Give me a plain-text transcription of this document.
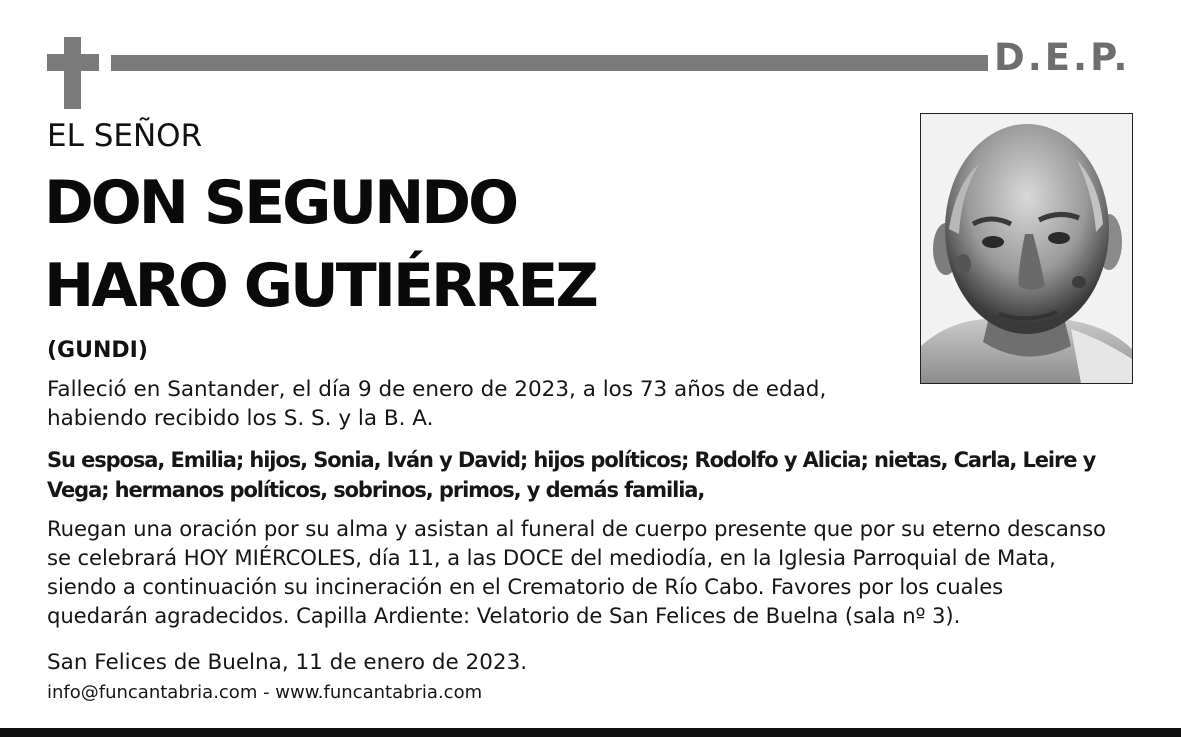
D.E.P.
EL SEÑOR
DON SEGUNDO
HARO GUTIÉRREZ
(GUNDI)
Falleció en Santander, el día 9 de enero de 2023, a los 73 años de edad,
habiendo recibido los S. S. y la B. A.
Su esposa, Emilia; hijos, Sonia, Iván y David; hijos políticos; Rodolfo y Alicia; nietas, Carla, Leire y
Vega; hermanos políticos, sobrinos, primos, y demás familia,
Ruegan una oración por su alma y asistan al funeral de cuerpo presente que por su eterno descanso
se celebrará HOY MIÉRCOLES, día 11, a las DOCE del mediodía, en la Iglesia Parroquial de Mata,
siendo a continuación su incineración en el Crematorio de Río Cabo. Favores por los cuales
quedarán agradecidos. Capilla Ardiente: Velatorio de San Felices de Buelna (sala nº 3).
San Felices de Buelna, 11 de enero de 2023.
info@funcantabria.com - www.funcantabria.com
